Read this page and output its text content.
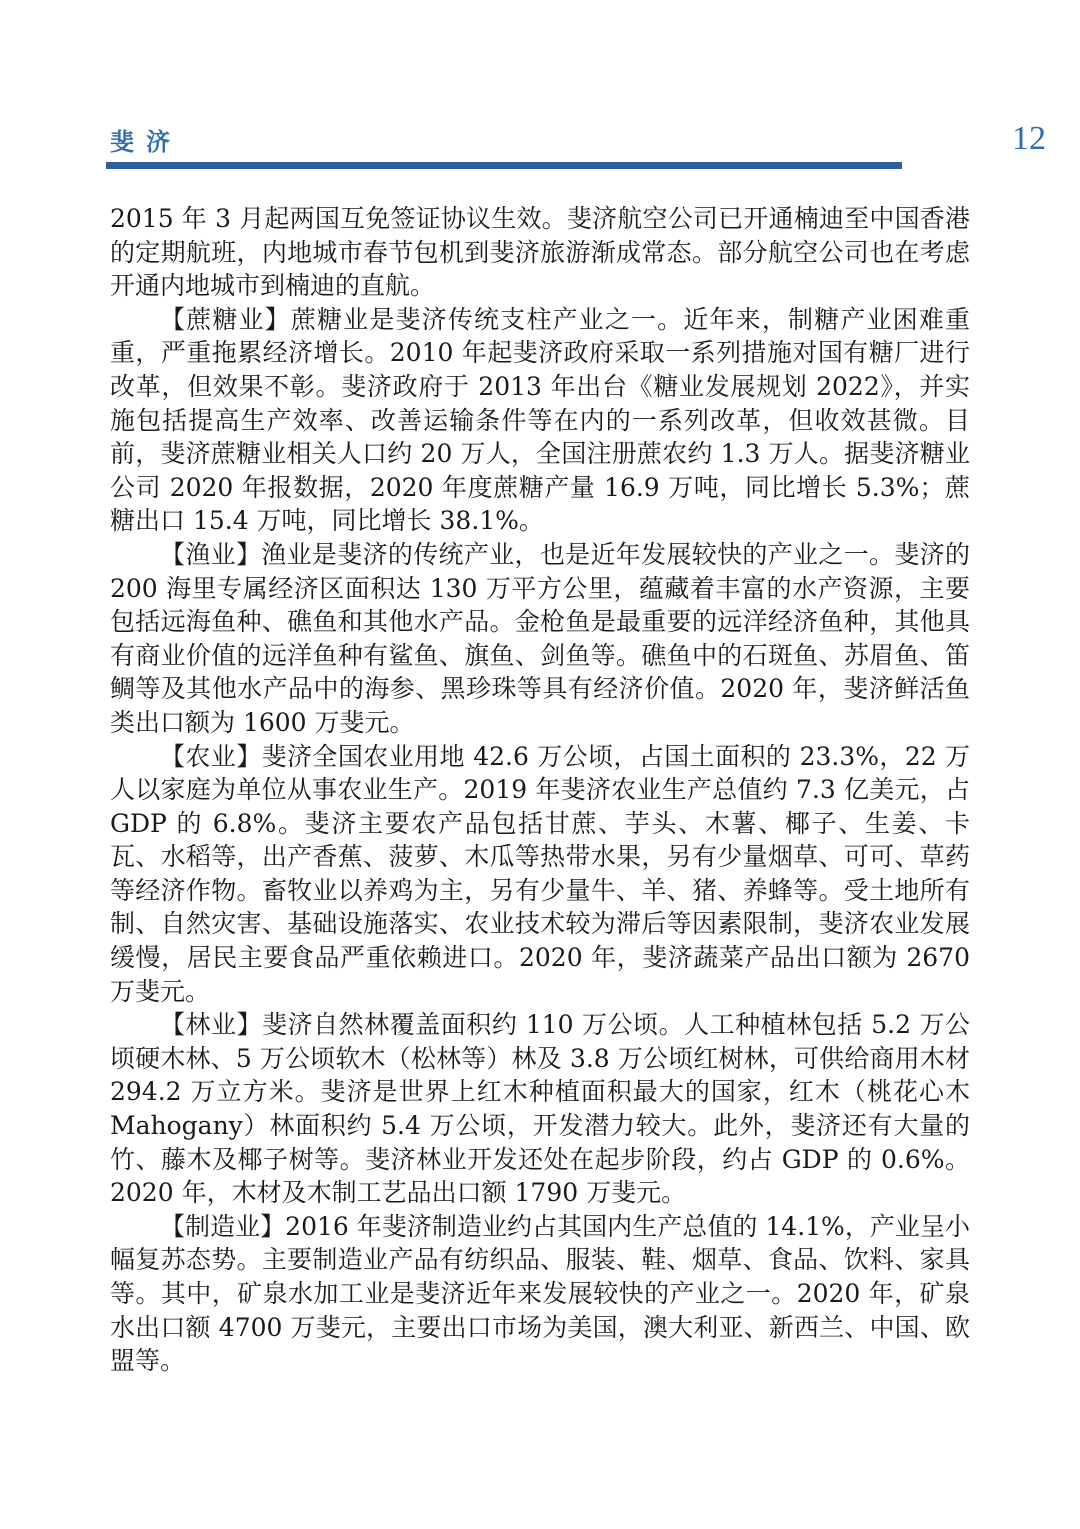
斐济	12

2015 年 3 月起两国互免签证协议生效。斐济航空公司已开通楠迪至中国香港的定期航班，内地城市春节包机到斐济旅游渐成常态。部分航空公司也在考虑开通内地城市到楠迪的直航。

【蔗糖业】蔗糖业是斐济传统支柱产业之一。近年来，制糖产业困难重重，严重拖累经济增长。2010 年起斐济政府采取一系列措施对国有糖厂进行改革，但效果不彰。斐济政府于 2013 年出台《糖业发展规划 2022》，并实施包括提高生产效率、改善运输条件等在内的一系列改革，但收效甚微。目前，斐济蔗糖业相关人口约 20 万人，全国注册蔗农约 1.3 万人。据斐济糖业公司 2020 年报数据，2020 年度蔗糖产量 16.9 万吨，同比增长 5.3%；蔗糖出口 15.4 万吨，同比增长 38.1%。

【渔业】渔业是斐济的传统产业，也是近年发展较快的产业之一。斐济的 200 海里专属经济区面积达 130 万平方公里，蕴藏着丰富的水产资源，主要包括远海鱼种、礁鱼和其他水产品。金枪鱼是最重要的远洋经济鱼种，其他具有商业价值的远洋鱼种有鲨鱼、旗鱼、剑鱼等。礁鱼中的石斑鱼、苏眉鱼、笛鲷等及其他水产品中的海参、黑珍珠等具有经济价值。2020 年，斐济鲜活鱼类出口额为 1600 万斐元。

【农业】斐济全国农业用地 42.6 万公顷，占国土面积的 23.3%，22 万人以家庭为单位从事农业生产。2019 年斐济农业生产总值约 7.3 亿美元，占 GDP 的 6.8%。斐济主要农产品包括甘蔗、芋头、木薯、椰子、生姜、卡瓦、水稻等，出产香蕉、菠萝、木瓜等热带水果，另有少量烟草、可可、草药等经济作物。畜牧业以养鸡为主，另有少量牛、羊、猪、养蜂等。受土地所有制、自然灾害、基础设施落实、农业技术较为滞后等因素限制，斐济农业发展缓慢，居民主要食品严重依赖进口。2020 年，斐济蔬菜产品出口额为 2670 万斐元。

【林业】斐济自然林覆盖面积约 110 万公顷。人工种植林包括 5.2 万公顷硬木林、5 万公顷软木（松林等）林及 3.8 万公顷红树林，可供给商用木材 294.2 万立方米。斐济是世界上红木种植面积最大的国家，红木（桃花心木 Mahogany）林面积约 5.4 万公顷，开发潜力较大。此外，斐济还有大量的竹、藤木及椰子树等。斐济林业开发还处在起步阶段，约占 GDP 的 0.6%。2020 年，木材及木制工艺品出口额 1790 万斐元。

【制造业】2016 年斐济制造业约占其国内生产总值的 14.1%，产业呈小幅复苏态势。主要制造业产品有纺织品、服装、鞋、烟草、食品、饮料、家具等。其中，矿泉水加工业是斐济近年来发展较快的产业之一。2020 年，矿泉水出口额 4700 万斐元，主要出口市场为美国，澳大利亚、新西兰、中国、欧盟等。
